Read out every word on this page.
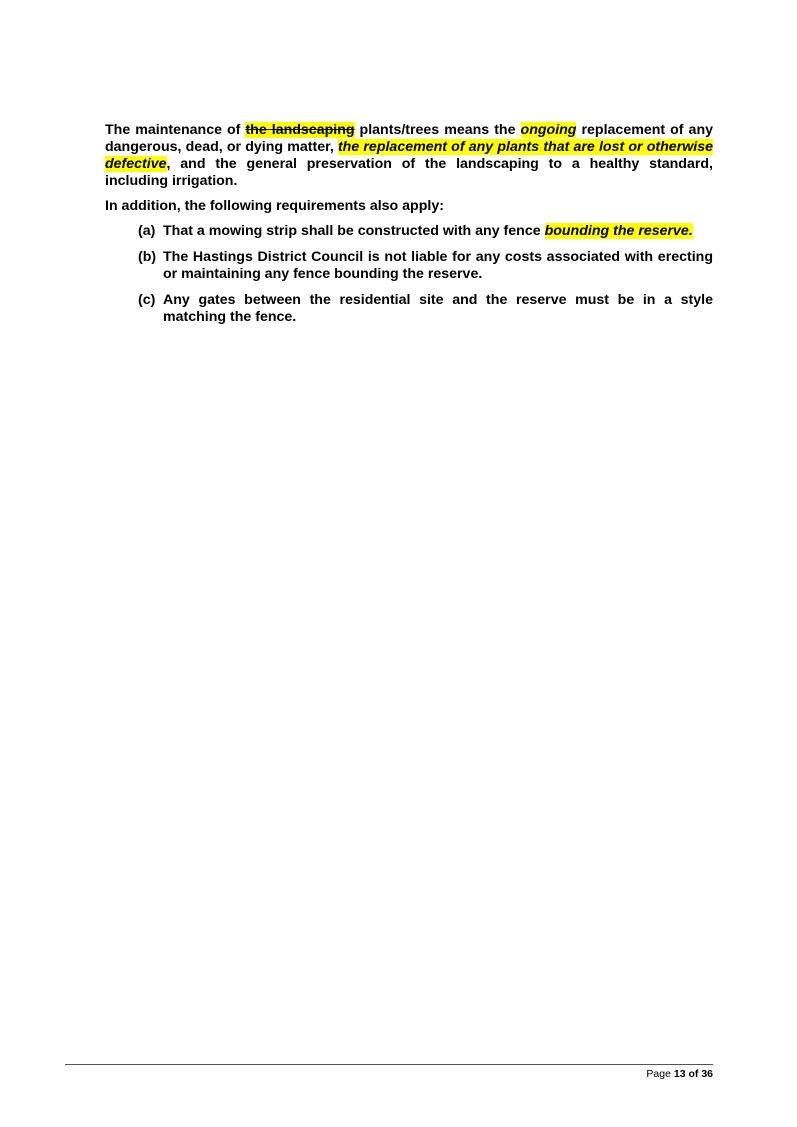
The maintenance of the landscaping plants/trees means the ongoing replacement of any dangerous, dead, or dying matter, the replacement of any plants that are lost or otherwise defective, and the general preservation of the landscaping to a healthy standard, including irrigation.

In addition, the following requirements also apply:

(a) That a mowing strip shall be constructed with any fence bounding the reserve.
(b) The Hastings District Council is not liable for any costs associated with erecting or maintaining any fence bounding the reserve.
(c) Any gates between the residential site and the reserve must be in a style matching the fence.
Page 13 of 36
